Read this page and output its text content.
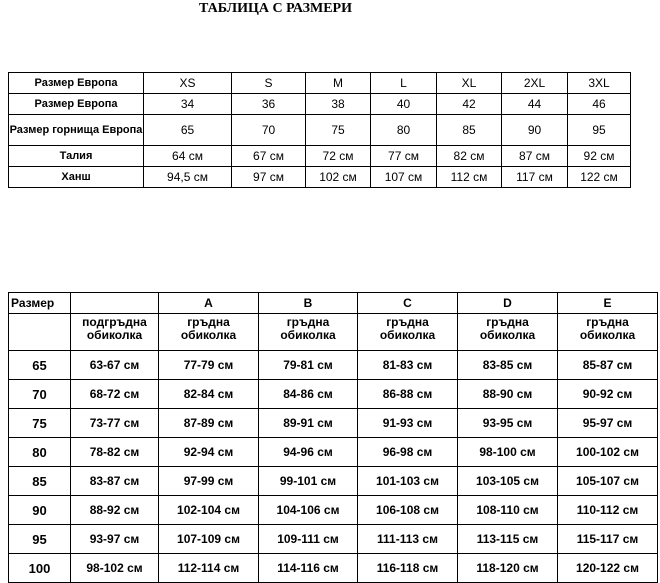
ТАБЛИЦА С РАЗМЕРИ
Размер Европа	XS	S	M	L	XL	2XL	3XL
Размер Европа	34	36	38	40	42	44	46
Размер горнища Европа	65	70	75	80	85	90	95
Талия	64 см	67 см	72 см	77 см	82 см	87 см	92 см
Ханш	94,5 см	97 см	102 см	107 см	112 см	117 см	122 см
Размер		A	B	C	D	E
	подгръдна обиколка	гръдна обиколка	гръдна обиколка	гръдна обиколка	гръдна обиколка	гръдна обиколка
65	63-67 см	77-79 см	79-81 см	81-83 см	83-85 см	85-87 см
70	68-72 см	82-84 см	84-86 см	86-88 см	88-90 см	90-92 см
75	73-77 см	87-89 см	89-91 см	91-93 см	93-95 см	95-97 см
80	78-82 см	92-94 см	94-96 см	96-98 см	98-100 см	100-102 см
85	83-87 см	97-99 см	99-101 см	101-103 см	103-105 см	105-107 см
90	88-92 см	102-104 см	104-106 см	106-108 см	108-110 см	110-112 см
95	93-97 см	107-109 см	109-111 см	111-113 см	113-115 см	115-117 см
100	98-102 см	112-114 см	114-116 см	116-118 см	118-120 см	120-122 см
